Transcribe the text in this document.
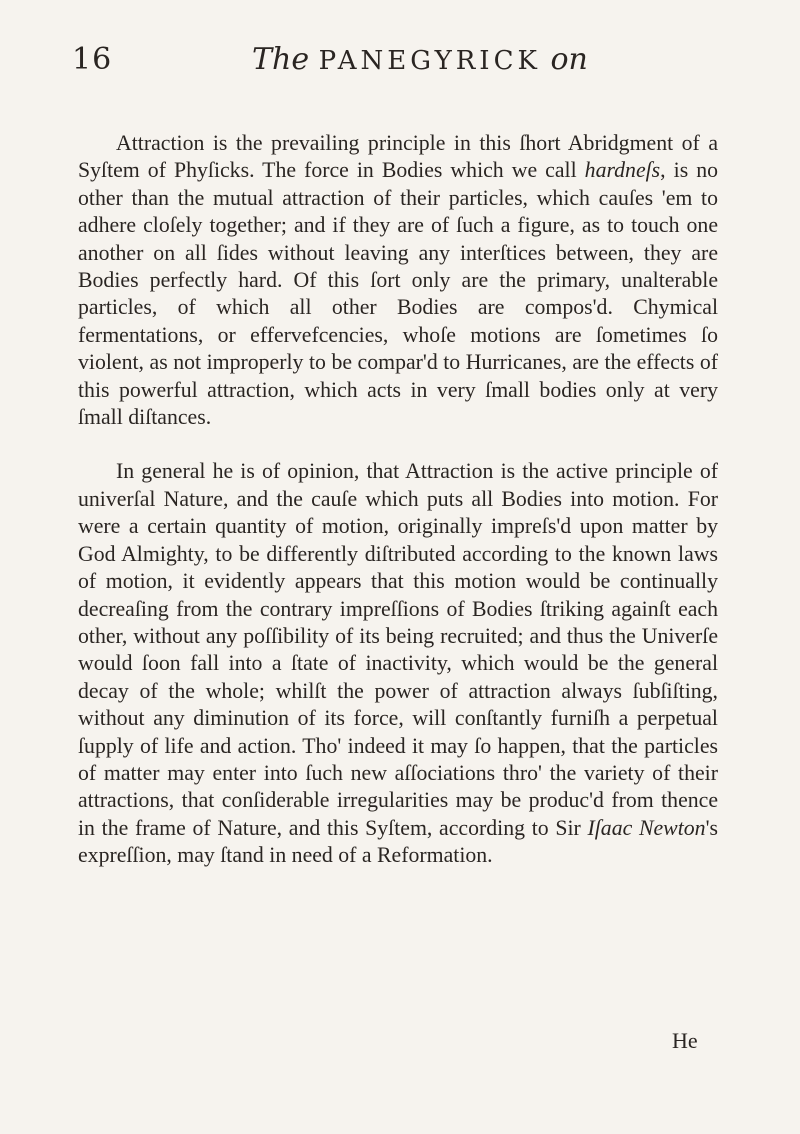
16	The PANEGYRICK on

Attraction is the prevailing principle in this ſhort Abridgment of a Syſtem of Phyſicks. The force in Bodies which we call hardneſs, is no other than the mutual attraction of their particles, which cauſes 'em to adhere cloſely together; and if they are of ſuch a figure, as to touch one another on all ſides without leaving any interſtices between, they are Bodies perfectly hard. Of this ſort only are the primary, unalterable particles, of which all other Bodies are compos'd. Chymical fermentations, or effervefcencies, whoſe motions are ſometimes ſo violent, as not improperly to be compar'd to Hurricanes, are the effects of this powerful attraction, which acts in very ſmall bodies only at very ſmall diſtances.

In general he is of opinion, that Attraction is the active principle of univerſal Nature, and the cauſe which puts all Bodies into motion. For were a certain quantity of motion, originally impreſs'd upon matter by God Almighty, to be differently diſtributed according to the known laws of motion, it evidently appears that this motion would be continually decreaſing from the contrary impreſſions of Bodies ſtriking againſt each other, without any poſſibility of its being recruited; and thus the Univerſe would ſoon fall into a ſtate of inactivity, which would be the general decay of the whole; whilſt the power of attraction always ſubſiſting, without any diminution of its force, will conſtantly furniſh a perpetual ſupply of life and action. Tho' indeed it may ſo happen, that the particles of matter may enter into ſuch new aſſociations thro' the variety of their attractions, that conſiderable irregularities may be produc'd from thence in the frame of Nature, and this Syſtem, according to Sir Iſaac Newton's expreſſion, may ſtand in need of a Reformation.

He
